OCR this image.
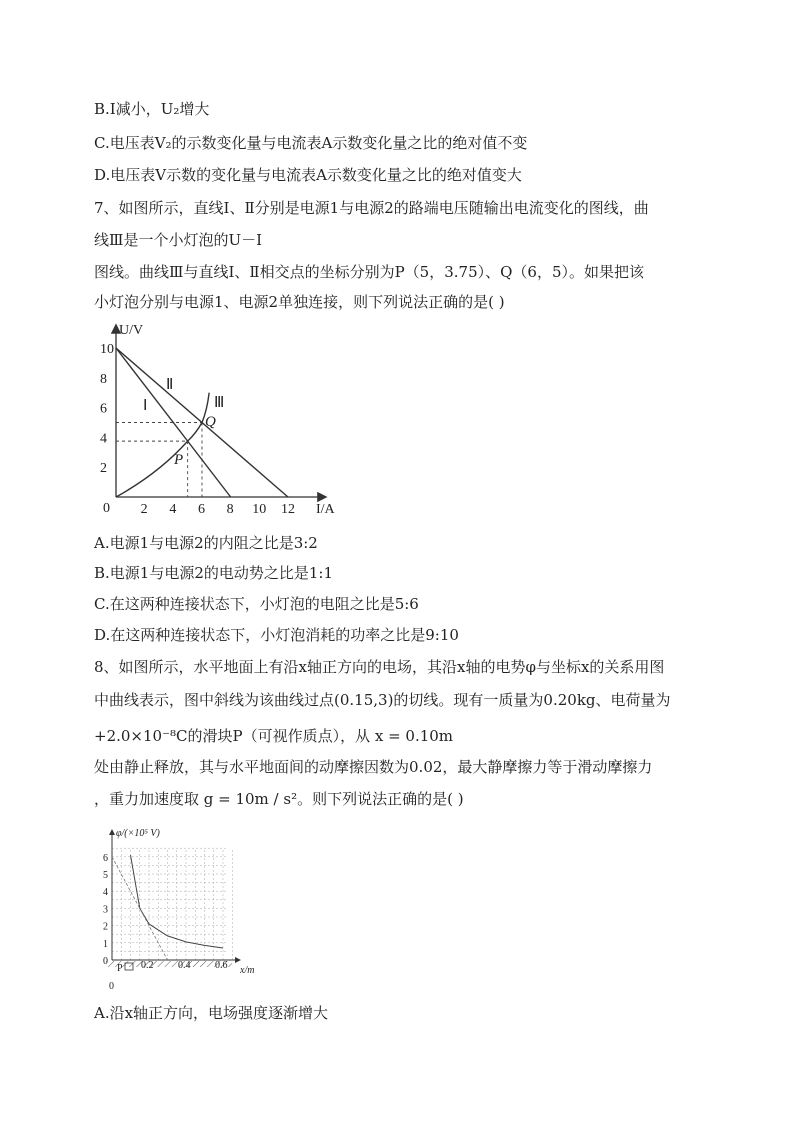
B.I减小，U₂增大
C.电压表V₂的示数变化量与电流表A示数变化量之比的绝对值不变
D.电压表V示数的变化量与电流表A示数变化量之比的绝对值变大
7、如图所示，直线Ⅰ、Ⅱ分别是电源1与电源2的路端电压随输出电流变化的图线，曲
线Ⅲ是一个小灯泡的U－I
图线。曲线Ⅲ与直线Ⅰ、Ⅱ相交点的坐标分别为P（5，3.75）、Q（6，5）。如果把该
小灯泡分别与电源1、电源2单独连接，则下列说法正确的是( )
U/V
I/A
0
2
4
6
8
10
2 4 6 8 10 12
Ⅰ
Ⅱ
Ⅲ
Q
P
A.电源1与电源2的内阻之比是3:2
B.电源1与电源2的电动势之比是1:1
C.在这两种连接状态下，小灯泡的电阻之比是5:6
D.在这两种连接状态下，小灯泡消耗的功率之比是9:10
8、如图所示，水平地面上有沿x轴正方向的电场，其沿x轴的电势φ与坐标x的关系用图
中曲线表示，图中斜线为该曲线过点(0.15,3)的切线。现有一质量为0.20kg、电荷量为
+2.0×10⁻⁸C的滑块P（可视作质点），从 x = 0.10m
处由静止释放，其与水平地面间的动摩擦因数为0.02，最大静摩擦力等于滑动摩擦力
，重力加速度取 g = 10m / s²。则下列说法正确的是( )
φ/(×10⁵ V)
x/m
0
0
1
2
3
4
5
6
0.2 0.4 0.6
P
A.沿x轴正方向，电场强度逐渐增大
